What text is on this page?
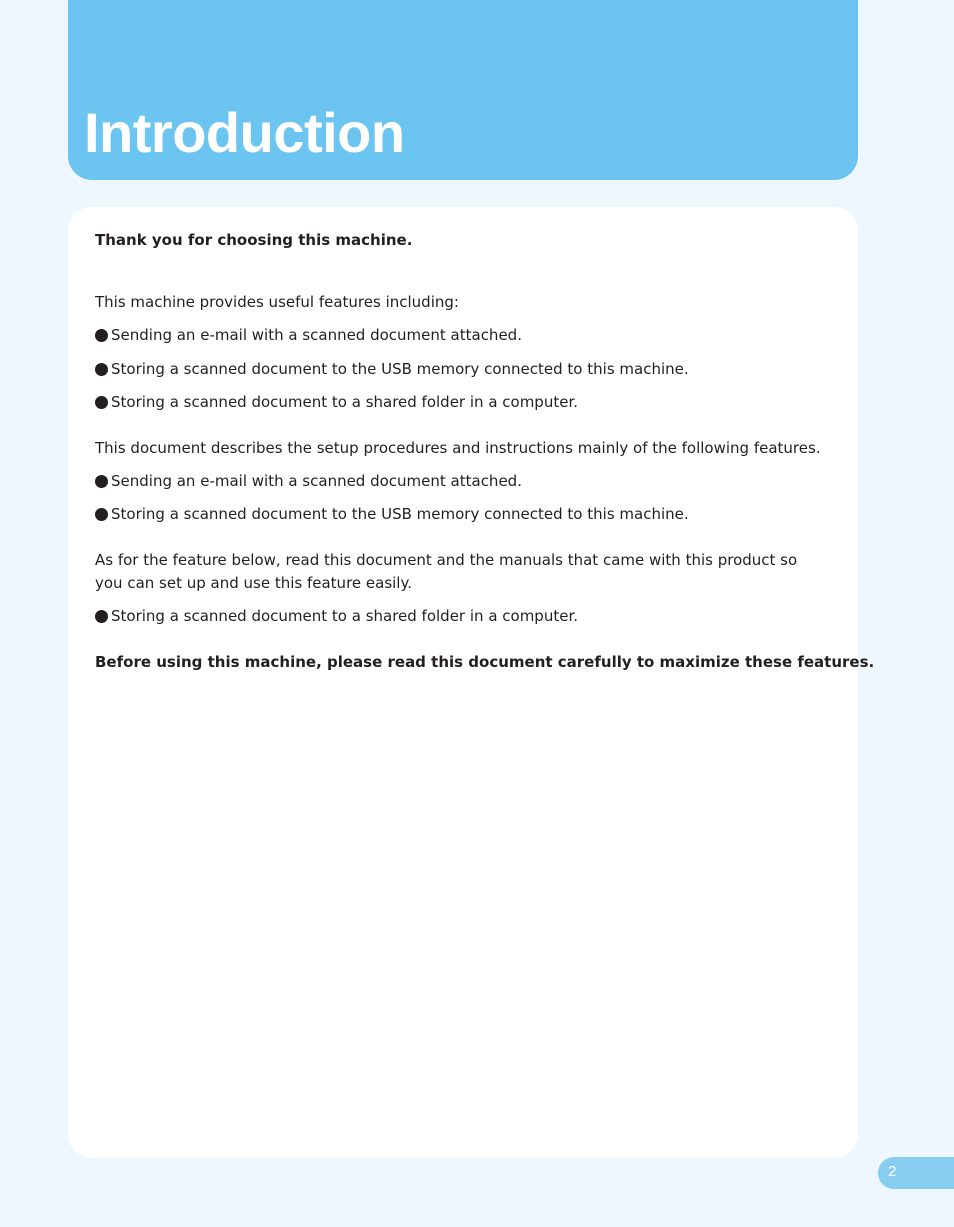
Introduction

Thank you for choosing this machine.

This machine provides useful features including:

Sending an e-mail with a scanned document attached.
Storing a scanned document to the USB memory connected to this machine.
Storing a scanned document to a shared folder in a computer.

This document describes the setup procedures and instructions mainly of the following features.

Sending an e-mail with a scanned document attached.
Storing a scanned document to the USB memory connected to this machine.

As for the feature below, read this document and the manuals that came with this product so you can set up and use this feature easily.

Storing a scanned document to a shared folder in a computer.

Before using this machine, please read this document carefully to maximize these features.

2
